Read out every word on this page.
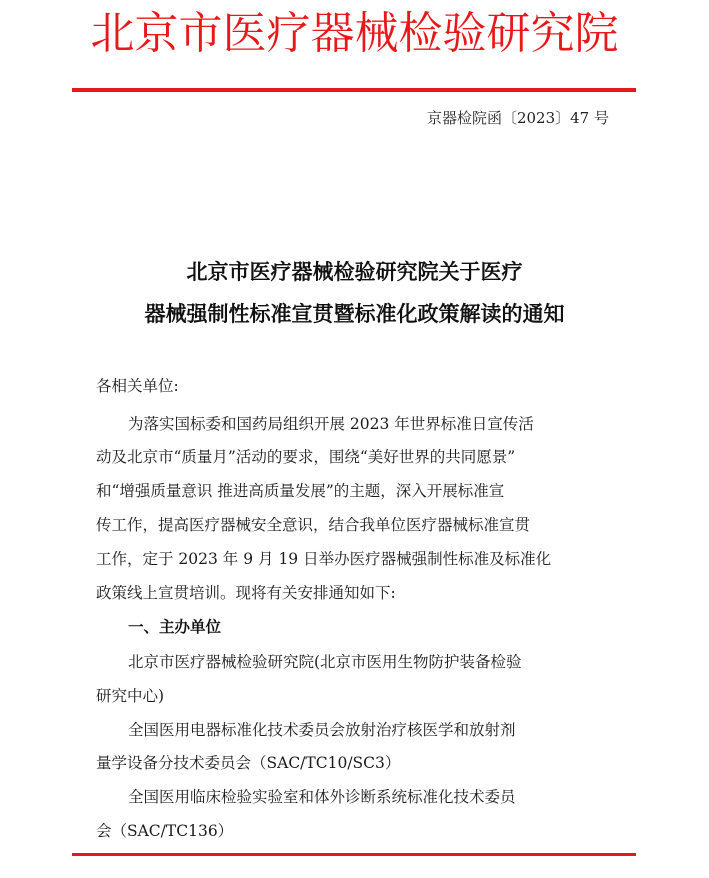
北京市医疗器械检验研究院
京器检院函〔2023〕47 号
北京市医疗器械检验研究院关于医疗
器械强制性标准宣贯暨标准化政策解读的通知
各相关单位:
为落实国标委和国药局组织开展 2023 年世界标准日宣传活
动及北京市“质量月”活动的要求，围绕“美好世界的共同愿景”
和“增强质量意识 推进高质量发展”的主题，深入开展标准宣
传工作，提高医疗器械安全意识，结合我单位医疗器械标准宣贯
工作，定于 2023 年 9 月 19 日举办医疗器械强制性标准及标准化
政策线上宣贯培训。现将有关安排通知如下:
一、主办单位
北京市医疗器械检验研究院(北京市医用生物防护装备检验
研究中心)
全国医用电器标准化技术委员会放射治疗核医学和放射剂
量学设备分技术委员会（SAC/TC10/SC3）
全国医用临床检验实验室和体外诊断系统标准化技术委员
会（SAC/TC136）
